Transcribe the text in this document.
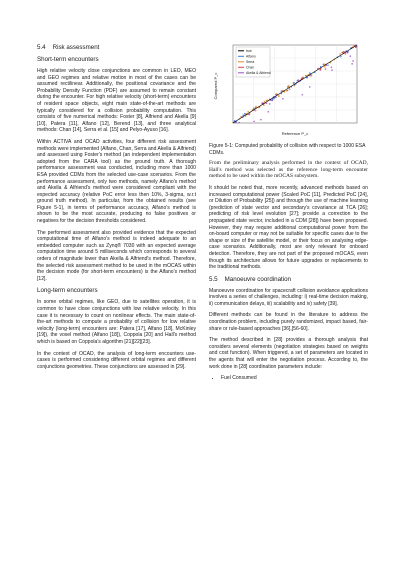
5.4 Risk assessment
Short-term encounters

High relative velocity close conjunctions are common in LEO, MEO and GEO regimes and relative motion in most of the cases can be assumed rectilinear. Additionally, the positional covariance and the Probability Density Function (PDF) are assumed to remain constant during the encounter. For high relative velocity (short-term) encounters of resident space objects, eight main state-of-the-art methods are typically considered for a collision probability computation. This consists of five numerical methods: Foster [8], Alfriend and Akella [9][10], Patera [11], Alfano [12], Berend [13], and three analytical methods: Chan [14], Serra et al. [15] and Pelyo-Ayuso [16].

Within ACTIVA and OCAD activities, four different risk assessment methods were implemented (Alfano, Chan, Serra and Akella & Alfriend) and assessed using Foster's method (an independent implementation adopted from the CARA tool) as the ground truth. A thorough performance assessment was conducted, including more than 1000 ESA provided CDMs from the selected use-case scenarios. From the performance assessment, only two methods, namely Alfano's method and Akella & Alfriend's method were considered compliant with the expected accuracy (relative PoC error less then 10%, 3-sigma, w.r.t ground truth method). In particular, from the obtained results (see Figure 5-1), in terms of performance accuracy, Alfano's method is shown to be the most accurate, producing no false positives or negatives for the decision thresholds considered.

The performed assessment also provided evidence that the expected computational time of Alfano's method is indeed adequate to an embedded computer such as Zynq® 7030 with an expected average computation time around 5 milliseconds which corresponds to several orders of magnitude lower than Akella & Alfriend's method. Therefore, the selected risk assessment method to be used in the mOCAS within the decision mode (for short-term encounters) is the Alfano's method [12].

Long-term encounters

In some orbital regimes, like GEO, due to satellites operation, it is common to have close conjunctions with low relative velocity. In this case it is necessary to count on nonlinear effects. The main state-of-the-art methods to compute a probability of collision for low relative velocity (long-term) encounters are: Patera [17], Alfano [18], McKinley [19]), the voxel method (Alfano [18]), Coppola [20] and Hall's method which is based on Coppola's algorithm [21][22][23].

In the context of OCAD, the analysis of long-term encounters use-cases is performed considering different orbital regimes and different conjunctions geometries. These conjunctions are assessed in [29].

true
Alfano
Serra
Chan
Akella & Alfriend
Compared P_c
Reference P_c
Figure 5-1: Computed probability of collision with respect to 1000 ESA CDMs.

From the preliminary analysis performed in the context of OCAD, Hall's method was selected as the reference long-term encounter method to be used within the mOCAS subsystem.

It should be noted that, more recently, advanced methods based on increased computational power (Scaled PoC [11], Predicted PoC [24], or Dilution of Probability [25]) and through the use of machine learning (prediction of state vector and secondary's covariance at TCA [26]; predicting of risk level evolution [27]; provide a correction to the propagated state vector, included in a CDM [28]) have been proposed. However, they may require additional computational power from the on-board computer or may not be suitable for specific cases due to the shape or size of the satellite model, or their focus on analysing edge-case scenarios. Additionally, most are only relevant for onboard detection. Therefore, they are not part of the proposed mOCAS, even though its architecture allows for future upgrades or replacements to the traditional methods.

5.5 Manoeuvre coordination

Manoeuvre coordination for spacecraft collision avoidance applications involves a series of challenges, including: i) real-time decision making, ii) communication delays, iii) scalability and iv) safety [39].

Different methods can be found in the literature to address the coordination problem, including purely randomized, impact based, fair-share or rule-based approaches [36],[56-60].

The method described in [28] provides a thorough analysis that considers several elements (negotiation strategies based on weights and cost function). When triggered, a set of parameters are located in the agents that will enter the negotiation process. According to, the work done in [28] coordination parameters include:

• Fuel Consumed
